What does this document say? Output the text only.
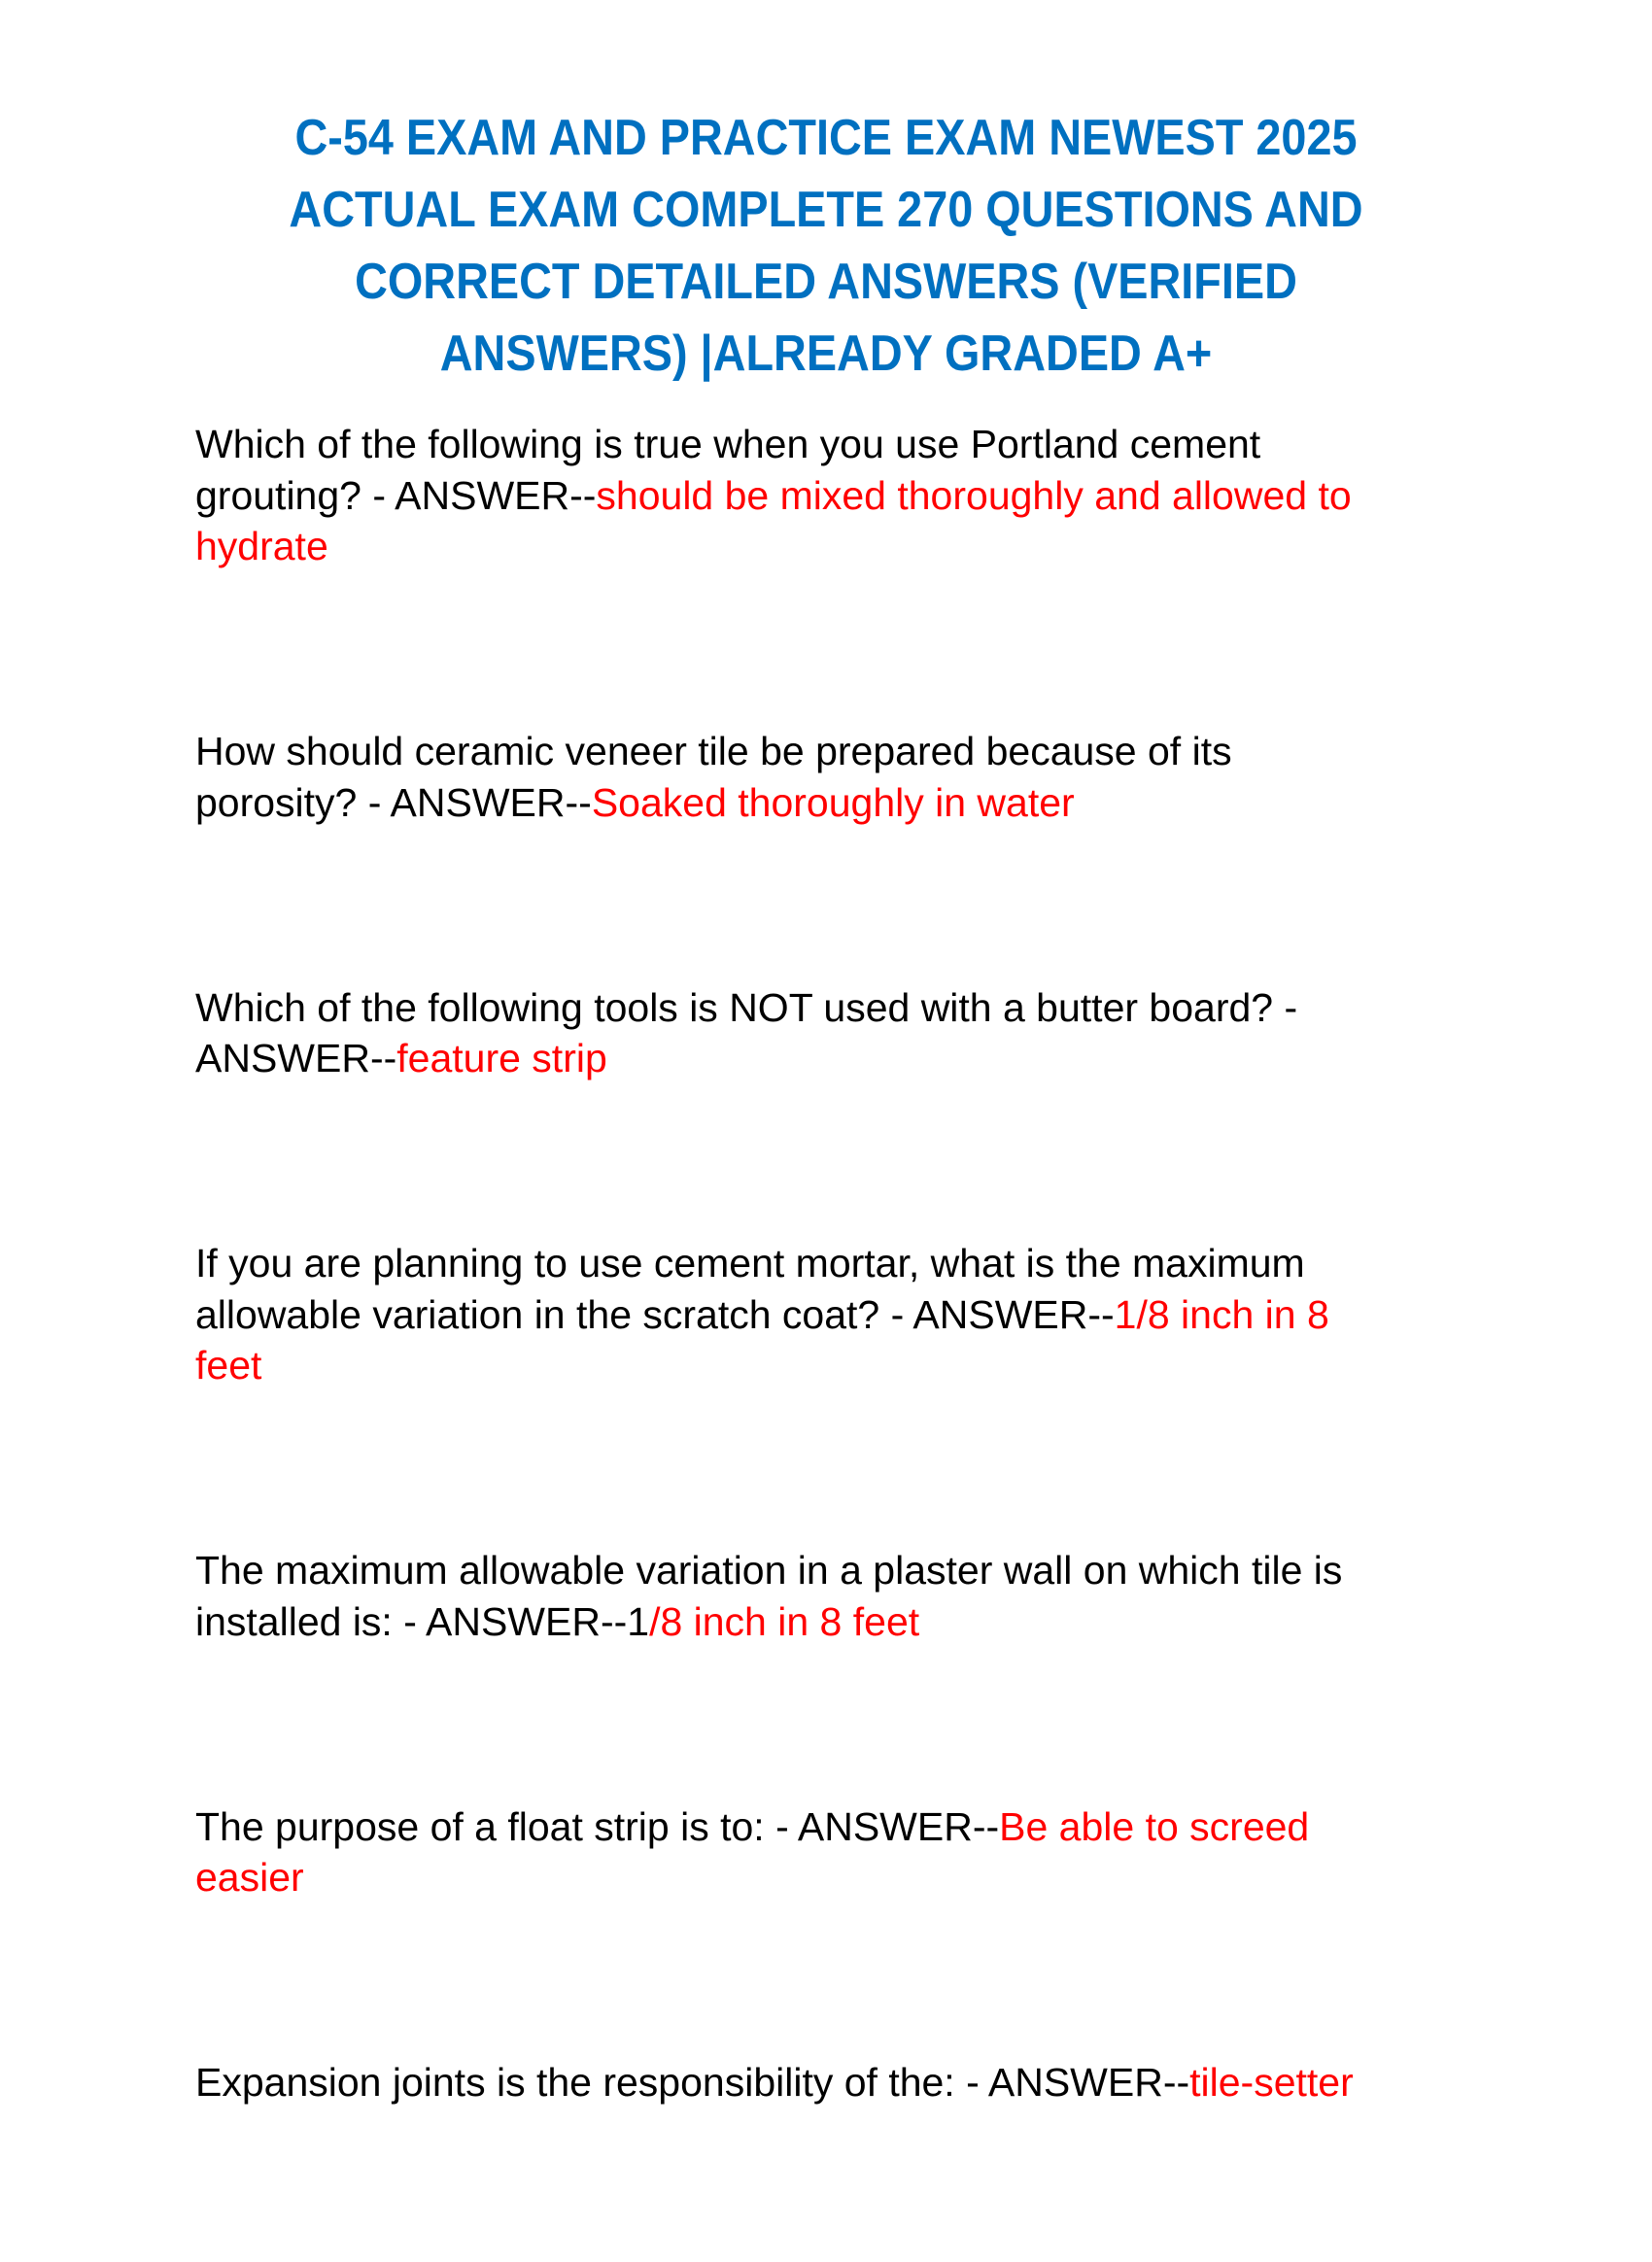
C-54 EXAM AND PRACTICE EXAM NEWEST 2025
ACTUAL EXAM COMPLETE 270 QUESTIONS AND
CORRECT DETAILED ANSWERS (VERIFIED
ANSWERS) |ALREADY GRADED A+
Which of the following is true when you use Portland cement
grouting? - ANSWER--should be mixed thoroughly and allowed to
hydrate
How should ceramic veneer tile be prepared because of its
porosity? - ANSWER--Soaked thoroughly in water
Which of the following tools is NOT used with a butter board? -
ANSWER--feature strip
If you are planning to use cement mortar, what is the maximum
allowable variation in the scratch coat? - ANSWER--1/8 inch in 8
feet
The maximum allowable variation in a plaster wall on which tile is
installed is: - ANSWER--1/8 inch in 8 feet
The purpose of a float strip is to: - ANSWER--Be able to screed
easier
Expansion joints is the responsibility of the: - ANSWER--tile-setter
